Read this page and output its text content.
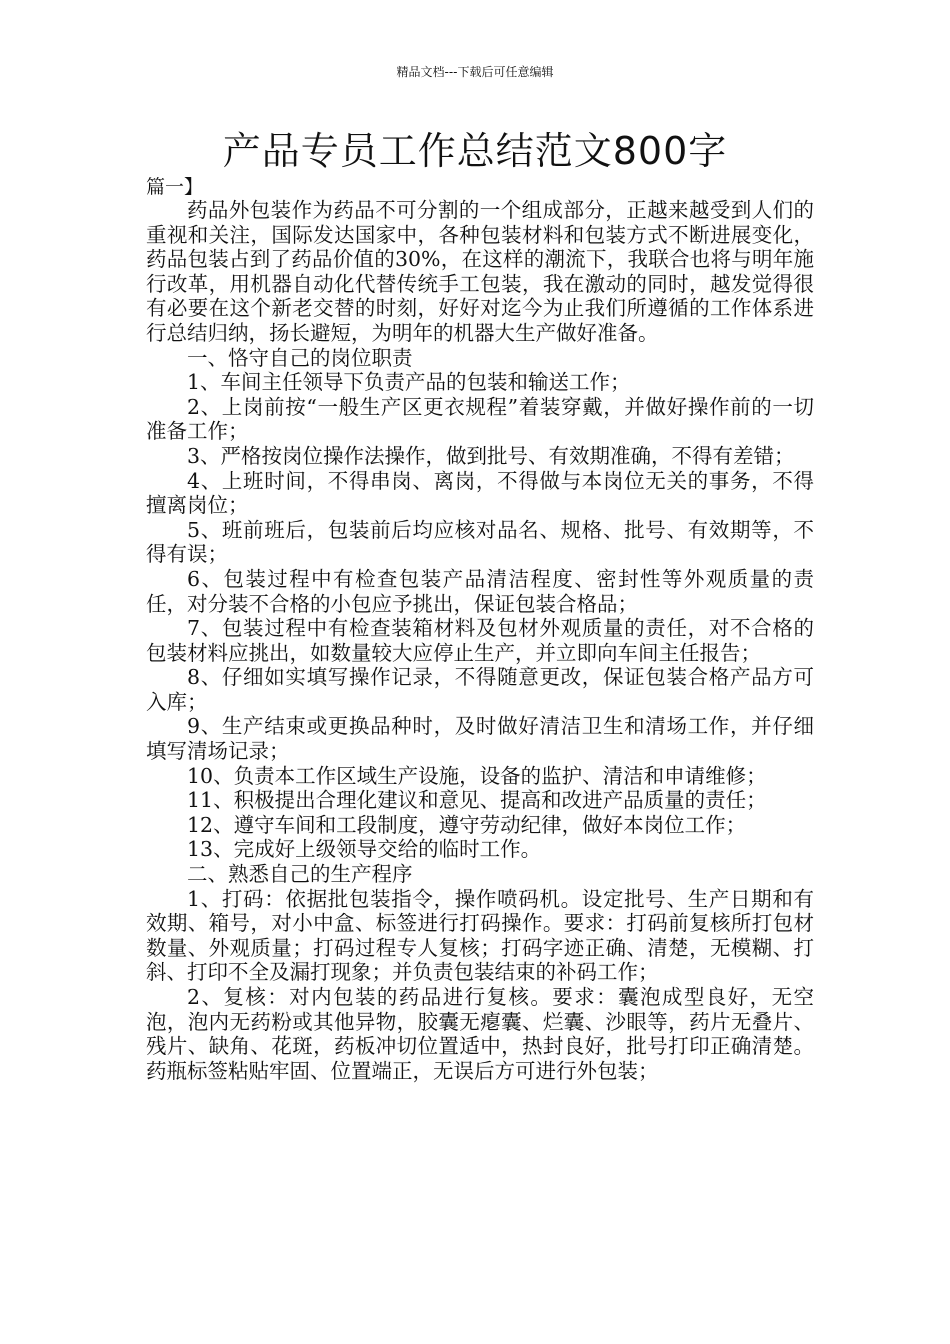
精品文档---下载后可任意编辑
产品专员工作总结范文800字
篇一】

药品外包装作为药品不可分割的一个组成部分，正越来越受到人们的重视和关注，国际发达国家中，各种包装材料和包装方式不断进展变化，药品包装占到了药品价值的30%，在这样的潮流下，我联合也将与明年施行改革，用机器自动化代替传统手工包装，我在激动的同时，越发觉得很有必要在这个新老交替的时刻，好好对迄今为止我们所遵循的工作体系进行总结归纳，扬长避短，为明年的机器大生产做好准备。

一、恪守自己的岗位职责

1、车间主任领导下负责产品的包装和输送工作；

2、上岗前按“一般生产区更衣规程”着装穿戴，并做好操作前的一切准备工作；

3、严格按岗位操作法操作，做到批号、有效期准确，不得有差错；

4、上班时间，不得串岗、离岗，不得做与本岗位无关的事务，不得擅离岗位；

5、班前班后，包装前后均应核对品名、规格、批号、有效期等，不得有误；

6、包装过程中有检查包装产品清洁程度、密封性等外观质量的责任，对分装不合格的小包应予挑出，保证包装合格品；

7、包装过程中有检查装箱材料及包材外观质量的责任，对不合格的包装材料应挑出，如数量较大应停止生产，并立即向车间主任报告；

8、仔细如实填写操作记录，不得随意更改，保证包装合格产品方可入库；

9、生产结束或更换品种时，及时做好清洁卫生和清场工作，并仔细填写清场记录；

10、负责本工作区域生产设施，设备的监护、清洁和申请维修；

11、积极提出合理化建议和意见、提高和改进产品质量的责任；

12、遵守车间和工段制度，遵守劳动纪律，做好本岗位工作；

13、完成好上级领导交给的临时工作。

二、熟悉自己的生产程序

1、打码：依据批包装指令，操作喷码机。设定批号、生产日期和有效期、箱号，对小中盒、标签进行打码操作。要求：打码前复核所打包材数量、外观质量；打码过程专人复核；打码字迹正确、清楚，无模糊、打斜、打印不全及漏打现象；并负责包装结束的补码工作；

2、复核：对内包装的药品进行复核。要求：囊泡成型良好，无空泡，泡内无药粉或其他异物，胶囊无瘪囊、烂囊、沙眼等，药片无叠片、残片、缺角、花斑，药板冲切位置适中，热封良好，批号打印正确清楚。药瓶标签粘贴牢固、位置端正，无误后方可进行外包装；
